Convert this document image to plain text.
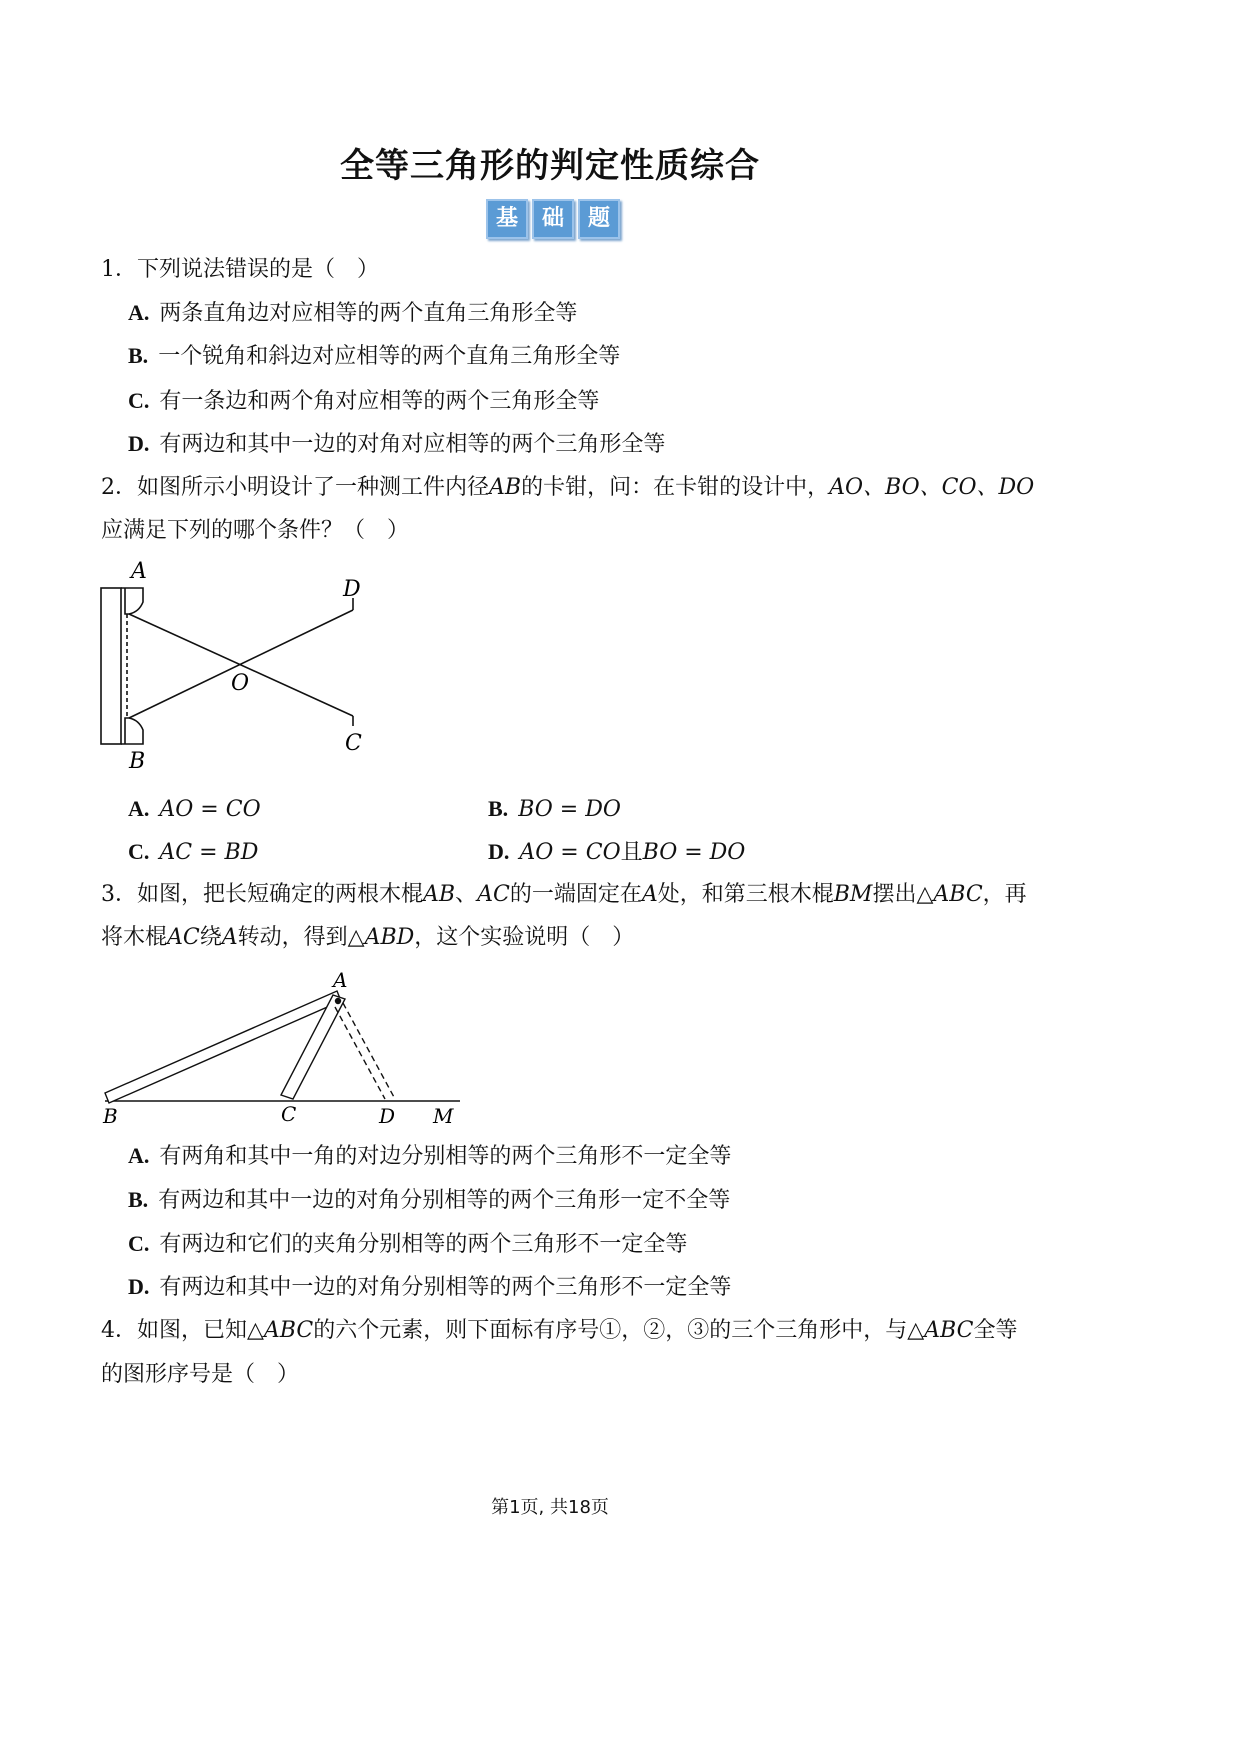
全等三角形的判定性质综合
基	础	题
1．下列说法错误的是（　）
A. 两条直角边对应相等的两个直角三角形全等
B. 一个锐角和斜边对应相等的两个直角三角形全等
C. 有一条边和两个角对应相等的两个三角形全等
D. 有两边和其中一边的对角对应相等的两个三角形全等
2．如图所示小明设计了一种测工件内径AB的卡钳，问：在卡钳的设计中，AO、BO、CO、DO
应满足下列的哪个条件？（　）
A
B
D
C
O
A. AO = CO	B. BO = DO
C. AC = BD	D. AO = CO且BO = DO
3．如图，把长短确定的两根木棍AB、AC的一端固定在A处，和第三根木棍BM摆出△ABC，再
将木棍AC绕A转动，得到△ABD，这个实验说明（　）
A
B	C	D M
A. 有两角和其中一角的对边分别相等的两个三角形不一定全等
B. 有两边和其中一边的对角分别相等的两个三角形一定不全等
C. 有两边和它们的夹角分别相等的两个三角形不一定全等
D. 有两边和其中一边的对角分别相等的两个三角形不一定全等
4．如图，已知△ABC的六个元素，则下面标有序号①，②，③的三个三角形中，与△ABC全等
的图形序号是（　）
第1页, 共18页
